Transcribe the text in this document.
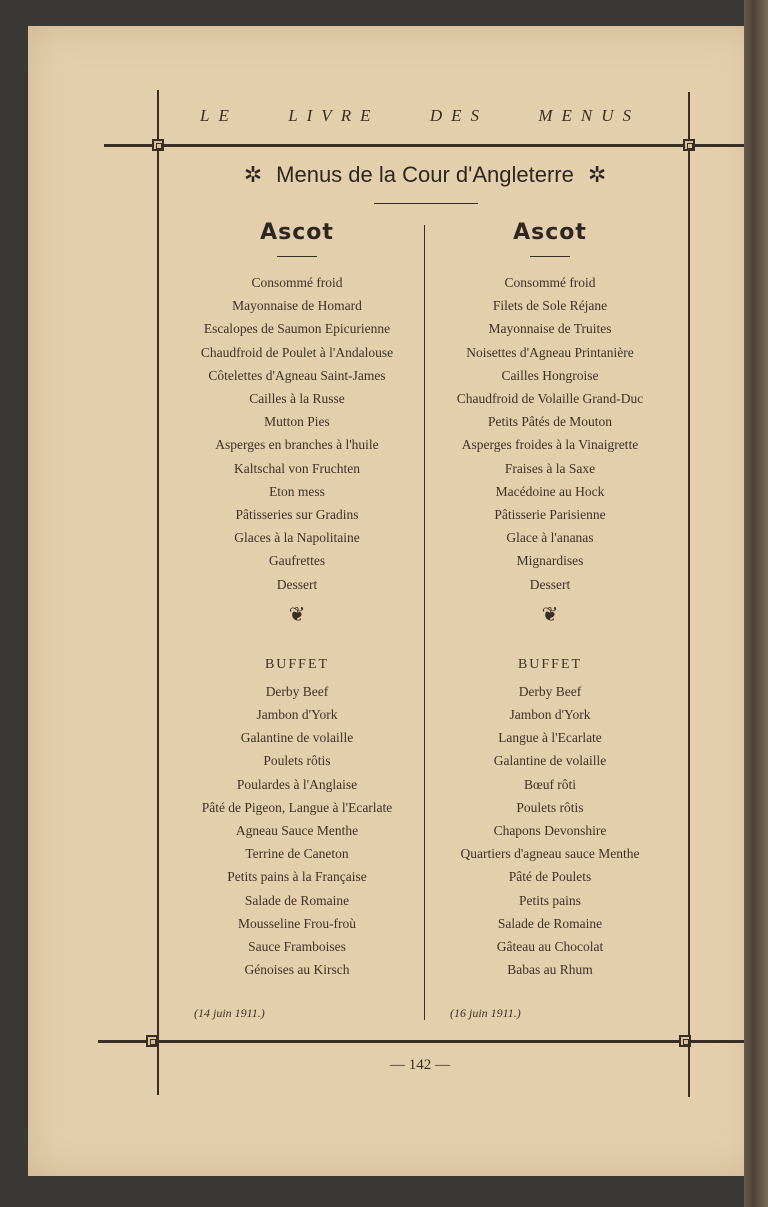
LE	LIVRE	DES	MENUS
✲ Menus de la Cour d'Angleterre ✲
Ascot
Consommé froid
Mayonnaise de Homard
Escalopes de Saumon Epicurienne
Chaudfroid de Poulet à l'Andalouse
Côtelettes d'Agneau Saint-James
Cailles à la Russe
Mutton Pies
Asperges en branches à l'huile
Kaltschal von Fruchten
Eton mess
Pâtisseries sur Gradins
Glaces à la Napolitaine
Gaufrettes
Dessert
❦
BUFFET
Derby Beef
Jambon d'York
Galantine de volaille
Poulets rôtis
Poulardes à l'Anglaise
Pâté de Pigeon, Langue à l'Ecarlate
Agneau Sauce Menthe
Terrine de Caneton
Petits pains à la Française
Salade de Romaine
Mousseline Frou-froù
Sauce Framboises
Génoises au Kirsch
Ascot
Consommé froid
Filets de Sole Réjane
Mayonnaise de Truites
Noisettes d'Agneau Printanière
Cailles Hongroise
Chaudfroid de Volaille Grand-Duc
Petits Pâtés de Mouton
Asperges froides à la Vinaigrette
Fraises à la Saxe
Macédoine au Hock
Pâtisserie Parisienne
Glace à l'ananas
Mignardises
Dessert
❦
BUFFET
Derby Beef
Jambon d'York
Langue à l'Ecarlate
Galantine de volaille
Bœuf rôti
Poulets rôtis
Chapons Devonshire
Quartiers d'agneau sauce Menthe
Pâté de Poulets
Petits pains
Salade de Romaine
Gâteau au Chocolat
Babas au Rhum
(14 juin 1911.)	(16 juin 1911.)
— 142 —
